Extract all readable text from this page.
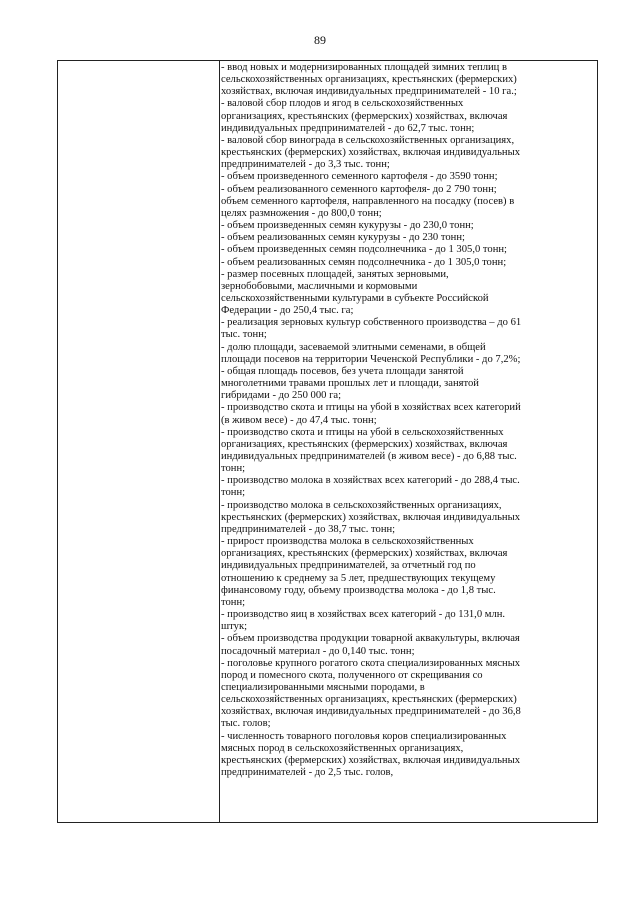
89
- ввод новых и модернизированных площадей зимних теплиц в
сельскохозяйственных организациях, крестьянских (фермерских)
хозяйствах, включая индивидуальных предпринимателей - 10 га.;
- валовой сбор плодов и ягод в сельскохозяйственных
организациях, крестьянских (фермерских) хозяйствах, включая
индивидуальных предпринимателей - до 62,7 тыс. тонн;
- валовой сбор винограда в сельскохозяйственных организациях,
крестьянских (фермерских) хозяйствах, включая индивидуальных
предпринимателей - до 3,3 тыс. тонн;
- объем произведенного семенного картофеля - до 3590 тонн;
- объем реализованного семенного картофеля- до 2 790 тонн;
объем семенного картофеля, направленного на посадку (посев) в
целях размножения - до 800,0 тонн;
- объем произведенных семян кукурузы - до 230,0 тонн;
- объем реализованных семян кукурузы - до 230 тонн;
- объем произведенных семян подсолнечника - до 1 305,0 тонн;
- объем реализованных семян подсолнечника - до 1 305,0 тонн;
- размер посевных площадей, занятых зерновыми,
зернобобовыми, масличными и кормовыми
сельскохозяйственными культурами в субъекте Российской
Федерации - до 250,4 тыс. га;
- реализация зерновых культур собственного производства – до 61
тыс. тонн;
- долю площади, засеваемой элитными семенами, в общей
площади посевов на территории Чеченской Республики - до 7,2%;
- общая площадь посевов, без учета площади занятой
многолетними травами прошлых лет и площади, занятой
гибридами - до 250 000 га;
- производство скота и птицы на убой в хозяйствах всех категорий
(в живом весе) - до 47,4 тыс. тонн;
- производство скота и птицы на убой в сельскохозяйственных
организациях, крестьянских (фермерских) хозяйствах, включая
индивидуальных предпринимателей (в живом весе) - до 6,88 тыс.
тонн;
- производство молока в хозяйствах всех категорий - до 288,4 тыс.
тонн;
- производство молока в сельскохозяйственных организациях,
крестьянских (фермерских) хозяйствах, включая индивидуальных
предпринимателей - до 38,7 тыс. тонн;
- прирост производства молока в сельскохозяйственных
организациях, крестьянских (фермерских) хозяйствах, включая
индивидуальных предпринимателей, за отчетный год по
отношению к среднему за 5 лет, предшествующих текущему
финансовому году, объему производства молока - до 1,8 тыс.
тонн;
- производство яиц в хозяйствах всех категорий - до 131,0 млн.
штук;
- объем производства продукции товарной аквакультуры, включая
посадочный материал - до 0,140 тыс. тонн;
- поголовье крупного рогатого скота специализированных мясных
пород и помесного скота, полученного от скрещивания со
специализированными мясными породами, в
сельскохозяйственных организациях, крестьянских (фермерских)
хозяйствах, включая индивидуальных предпринимателей - до 36,8
тыс. голов;
- численность товарного поголовья коров специализированных
мясных пород в сельскохозяйственных организациях,
крестьянских (фермерских) хозяйствах, включая индивидуальных
предпринимателей - до 2,5 тыс. голов,
